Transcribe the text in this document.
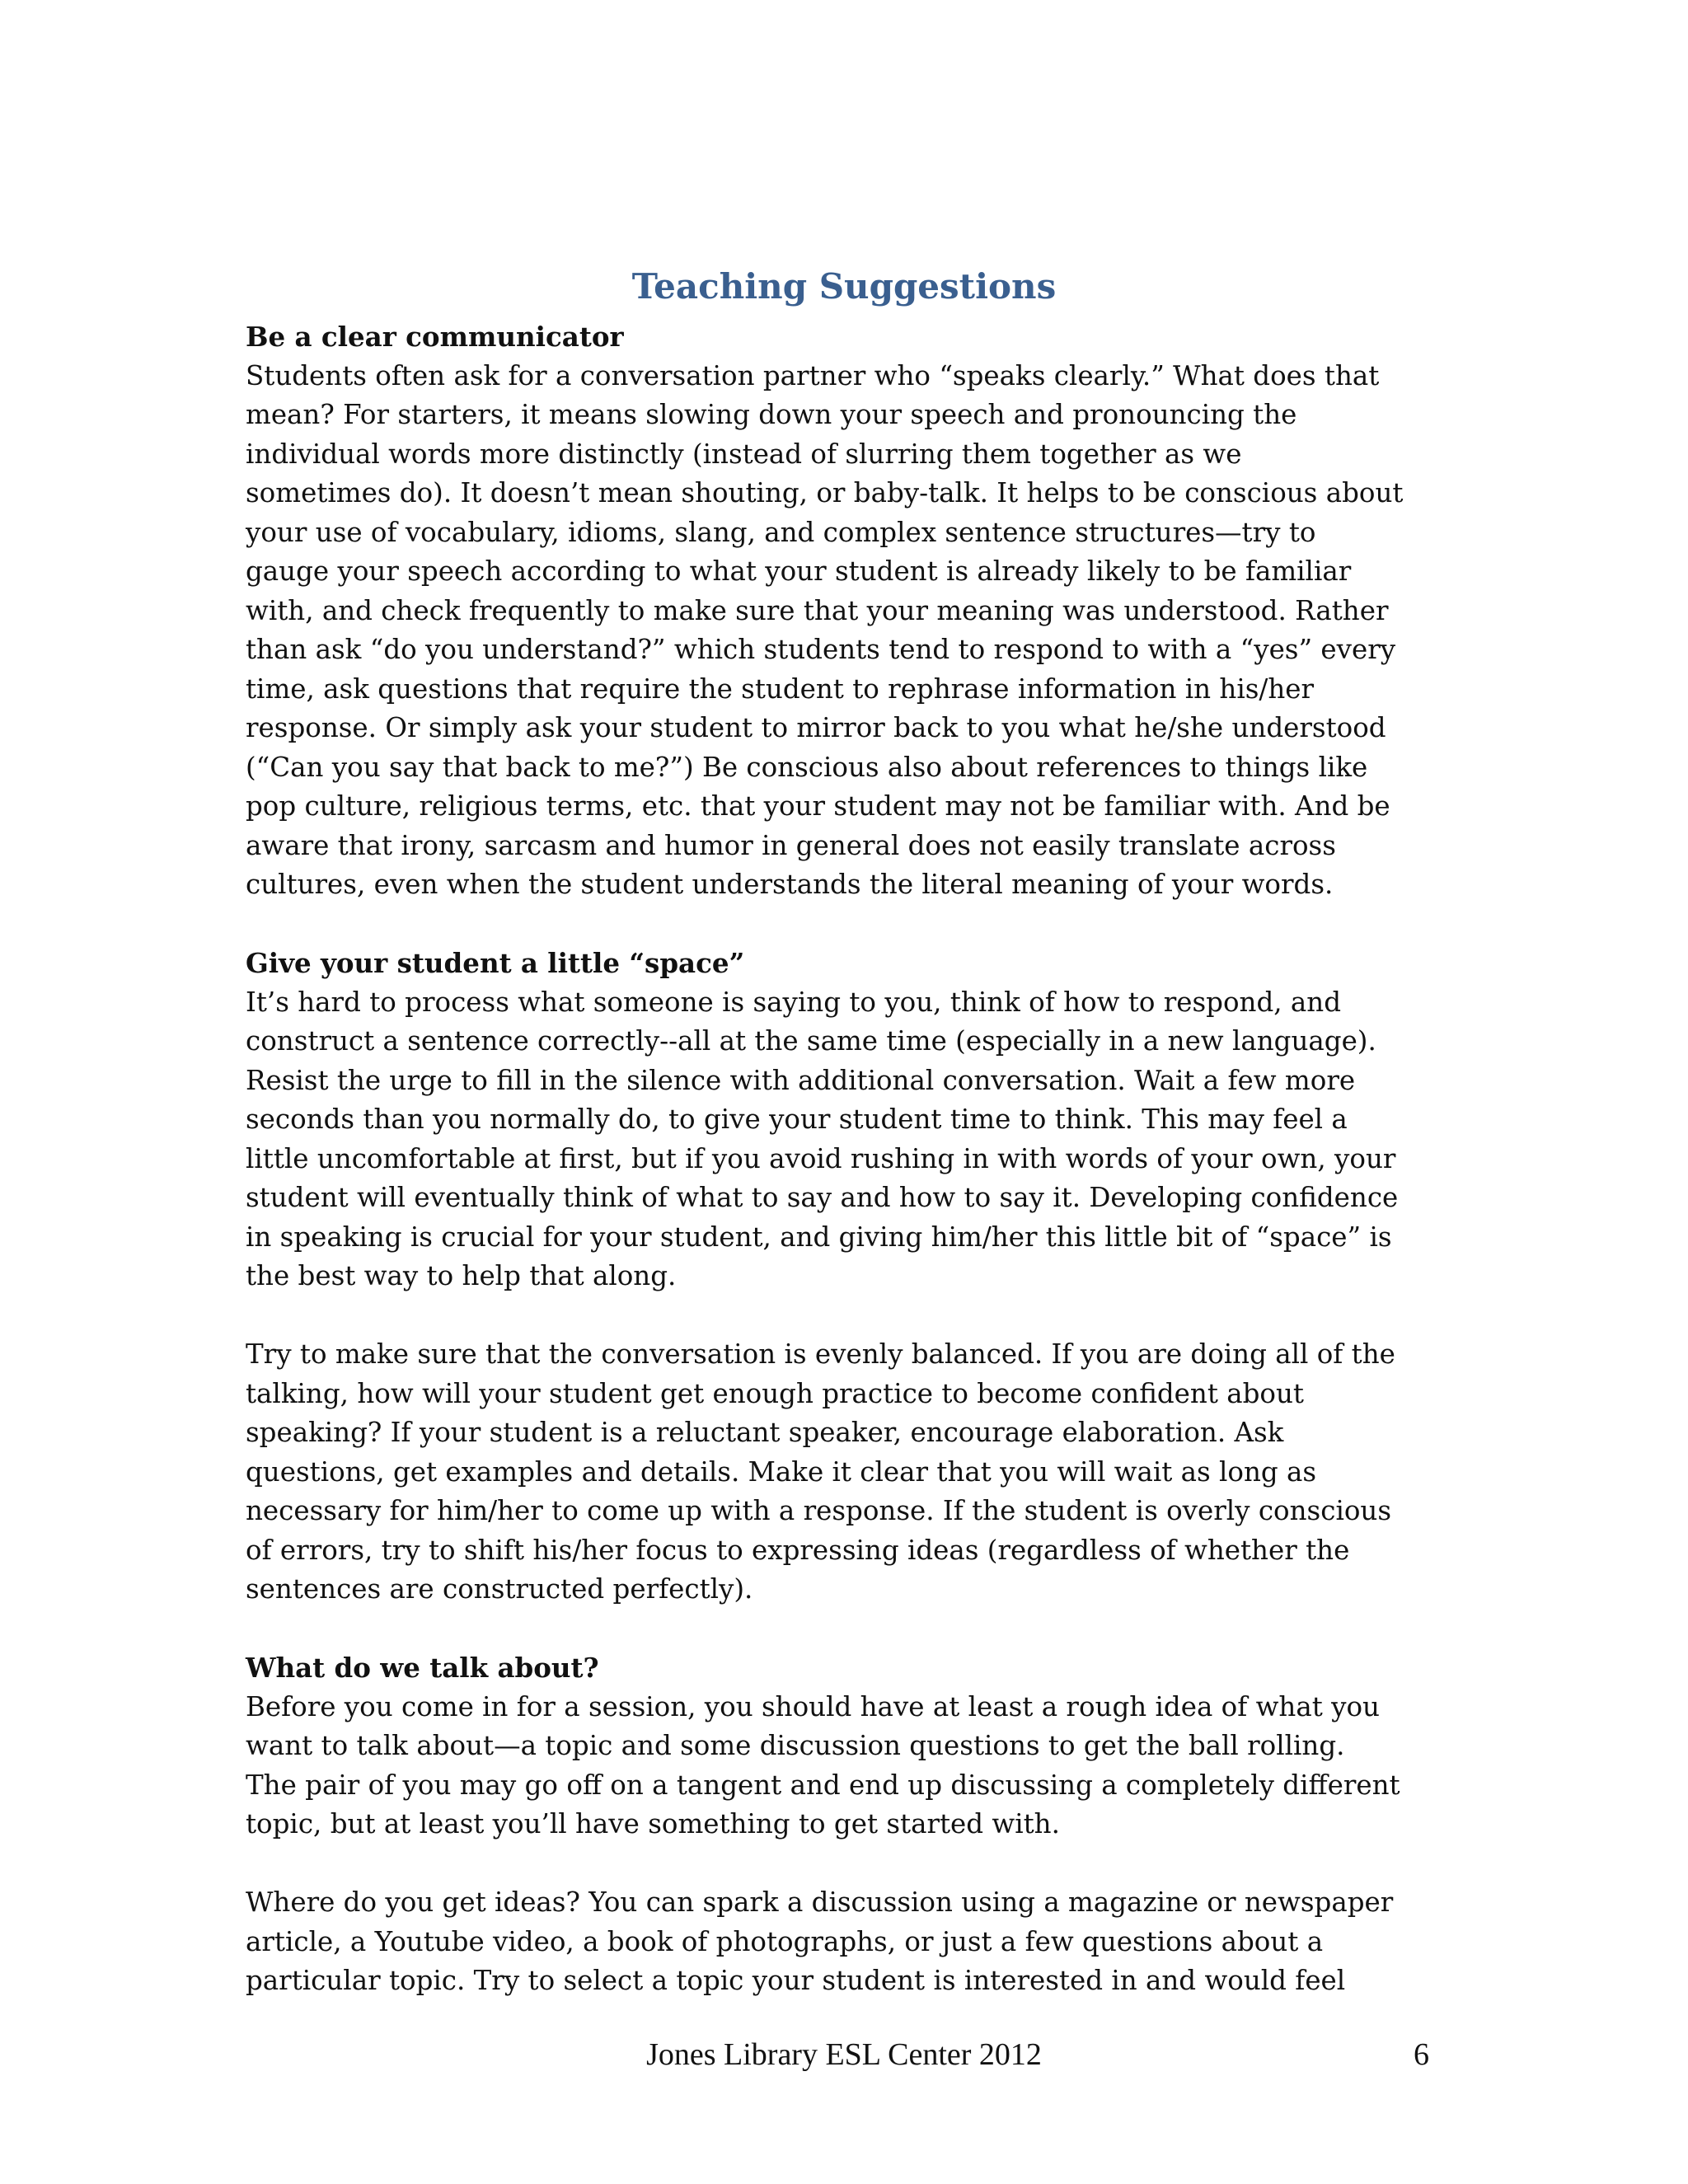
Teaching Suggestions

Be a clear communicator

Students often ask for a conversation partner who “speaks clearly.” What does that
mean? For starters, it means slowing down your speech and pronouncing the
individual words more distinctly (instead of slurring them together as we
sometimes do). It doesn’t mean shouting, or baby-talk. It helps to be conscious about
your use of vocabulary, idioms, slang, and complex sentence structures—try to
gauge your speech according to what your student is already likely to be familiar
with, and check frequently to make sure that your meaning was understood. Rather
than ask “do you understand?” which students tend to respond to with a “yes” every
time, ask questions that require the student to rephrase information in his/her
response. Or simply ask your student to mirror back to you what he/she understood
(“Can you say that back to me?”) Be conscious also about references to things like
pop culture, religious terms, etc. that your student may not be familiar with. And be
aware that irony, sarcasm and humor in general does not easily translate across
cultures, even when the student understands the literal meaning of your words.

Give your student a little “space”

It’s hard to process what someone is saying to you, think of how to respond, and
construct a sentence correctly--all at the same time (especially in a new language).
Resist the urge to fill in the silence with additional conversation. Wait a few more
seconds than you normally do, to give your student time to think. This may feel a
little uncomfortable at first, but if you avoid rushing in with words of your own, your
student will eventually think of what to say and how to say it. Developing confidence
in speaking is crucial for your student, and giving him/her this little bit of “space” is
the best way to help that along.

Try to make sure that the conversation is evenly balanced. If you are doing all of the
talking, how will your student get enough practice to become confident about
speaking? If your student is a reluctant speaker, encourage elaboration. Ask
questions, get examples and details. Make it clear that you will wait as long as
necessary for him/her to come up with a response. If the student is overly conscious
of errors, try to shift his/her focus to expressing ideas (regardless of whether the
sentences are constructed perfectly).

What do we talk about?

Before you come in for a session, you should have at least a rough idea of what you
want to talk about—a topic and some discussion questions to get the ball rolling.
The pair of you may go off on a tangent and end up discussing a completely different
topic, but at least you’ll have something to get started with.

Where do you get ideas? You can spark a discussion using a magazine or newspaper
article, a Youtube video, a book of photographs, or just a few questions about a
particular topic. Try to select a topic your student is interested in and would feel

Jones Library ESL Center 2012	6
